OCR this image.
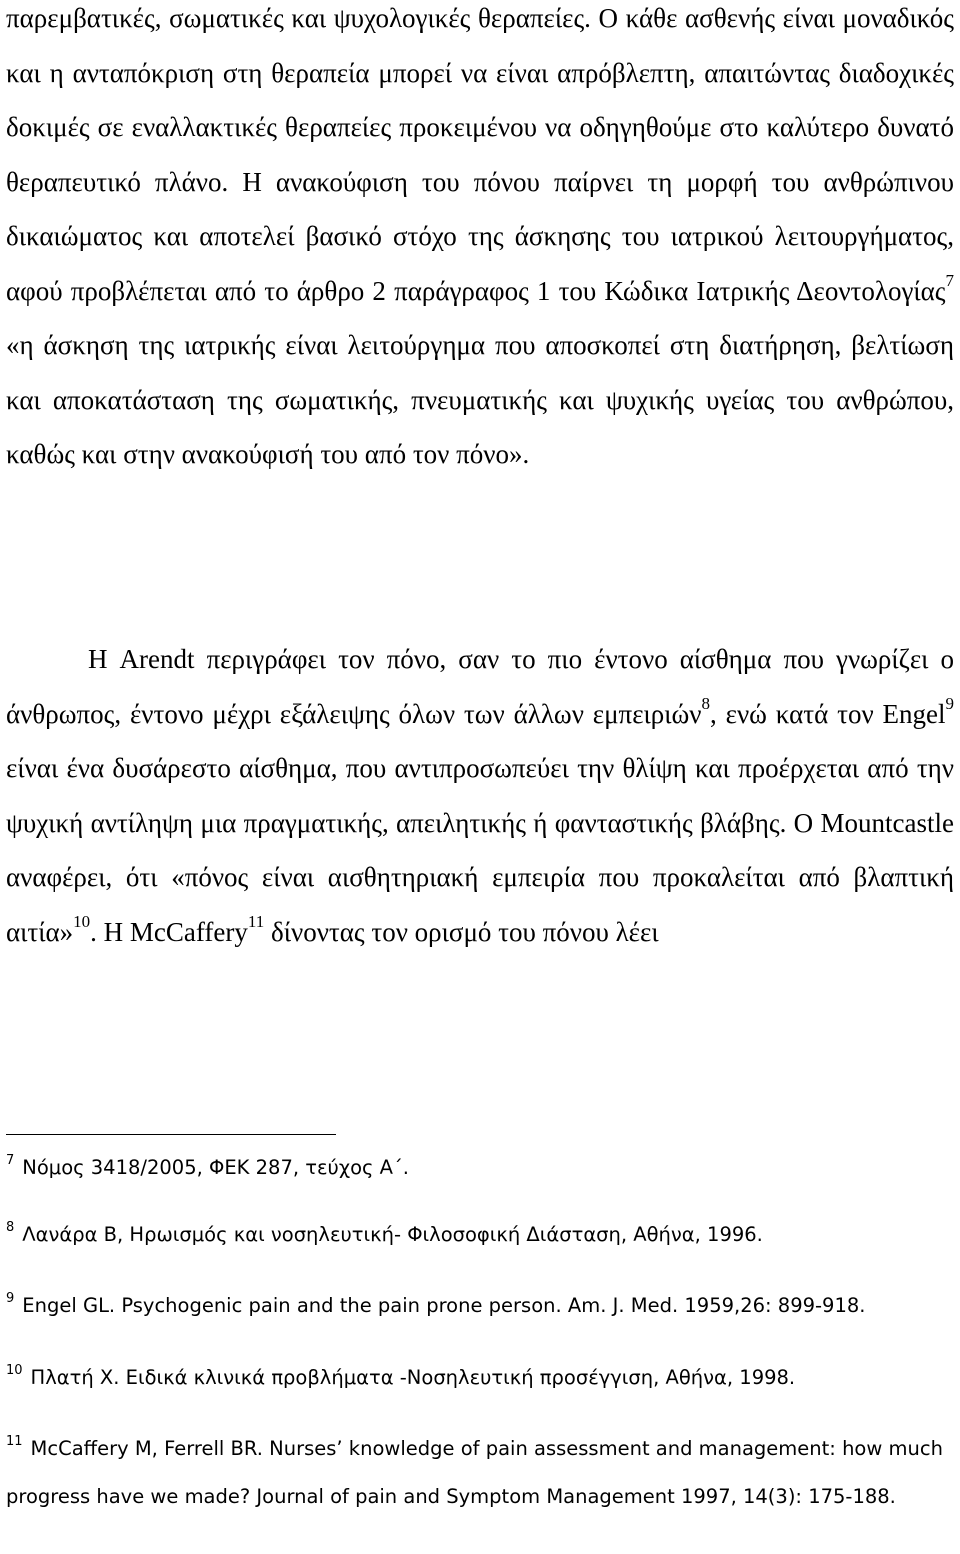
παρεμβατικές, σωματικές και ψυχολογικές θεραπείες. Ο κάθε ασθενής είναι μοναδικός και η ανταπόκριση στη θεραπεία μπορεί να είναι απρόβλεπτη, απαιτώντας διαδοχικές δοκιμές σε εναλλακτικές θεραπείες προκειμένου να οδηγηθούμε στο καλύτερο δυνατό θεραπευτικό πλάνο. Η ανακούφιση του πόνου παίρνει τη μορφή του ανθρώπινου δικαιώματος και αποτελεί βασικό στόχο της άσκησης του ιατρικού λειτουργήματος, αφού προβλέπεται από το άρθρο 2 παράγραφος 1 του Κώδικα Ιατρικής Δεοντολογίας$^7$ «η άσκηση της ιατρικής είναι λειτούργημα που αποσκοπεί στη διατήρηση, βελτίωση και αποκατάσταση της σωματικής, πνευματικής και ψυχικής υγείας του ανθρώπου, καθώς και στην ανακούφισή του από τον πόνο».

Η Arendt περιγράφει τον πόνο, σαν το πιο έντονο αίσθημα που γνωρίζει ο άνθρωπος, έντονο μέχρι εξάλειψης όλων των άλλων εμπειριών$^8$, ενώ κατά τον Engel$^9$ είναι ένα δυσάρεστο αίσθημα, που αντιπροσωπεύει την θλίψη και προέρχεται από την ψυχική αντίληψη μια πραγματικής, απειλητικής ή φανταστικής βλάβης. Ο Mountcastle αναφέρει, ότι «πόνος είναι αισθητηριακή εμπειρία που προκαλείται από βλαπτική αιτία»$^{10}$. Η McCaffery$^{11}$ δίνοντας τον ορισμό του πόνου λέει

$^7$ Νόμος 3418/2005, ΦΕΚ 287, τεύχος Α΄.

$^8$ Λανάρα Β, Ηρωισμός και νοσηλευτική- Φιλοσοφική Διάσταση, Αθήνα, 1996.

$^9$ Engel GL. Psychogenic pain and the pain prone person. Am. J. Med. 1959,26: 899-918.

$^{10}$ Πλατή Χ. Ειδικά κλινικά προβλήματα -Νοσηλευτική προσέγγιση, Αθήνα, 1998.

$^{11}$ McCaffery M, Ferrell BR. Nurses’ knowledge of pain assessment and management: how much progress have we made? Journal of pain and Symptom Management 1997, 14(3): 175-188.
